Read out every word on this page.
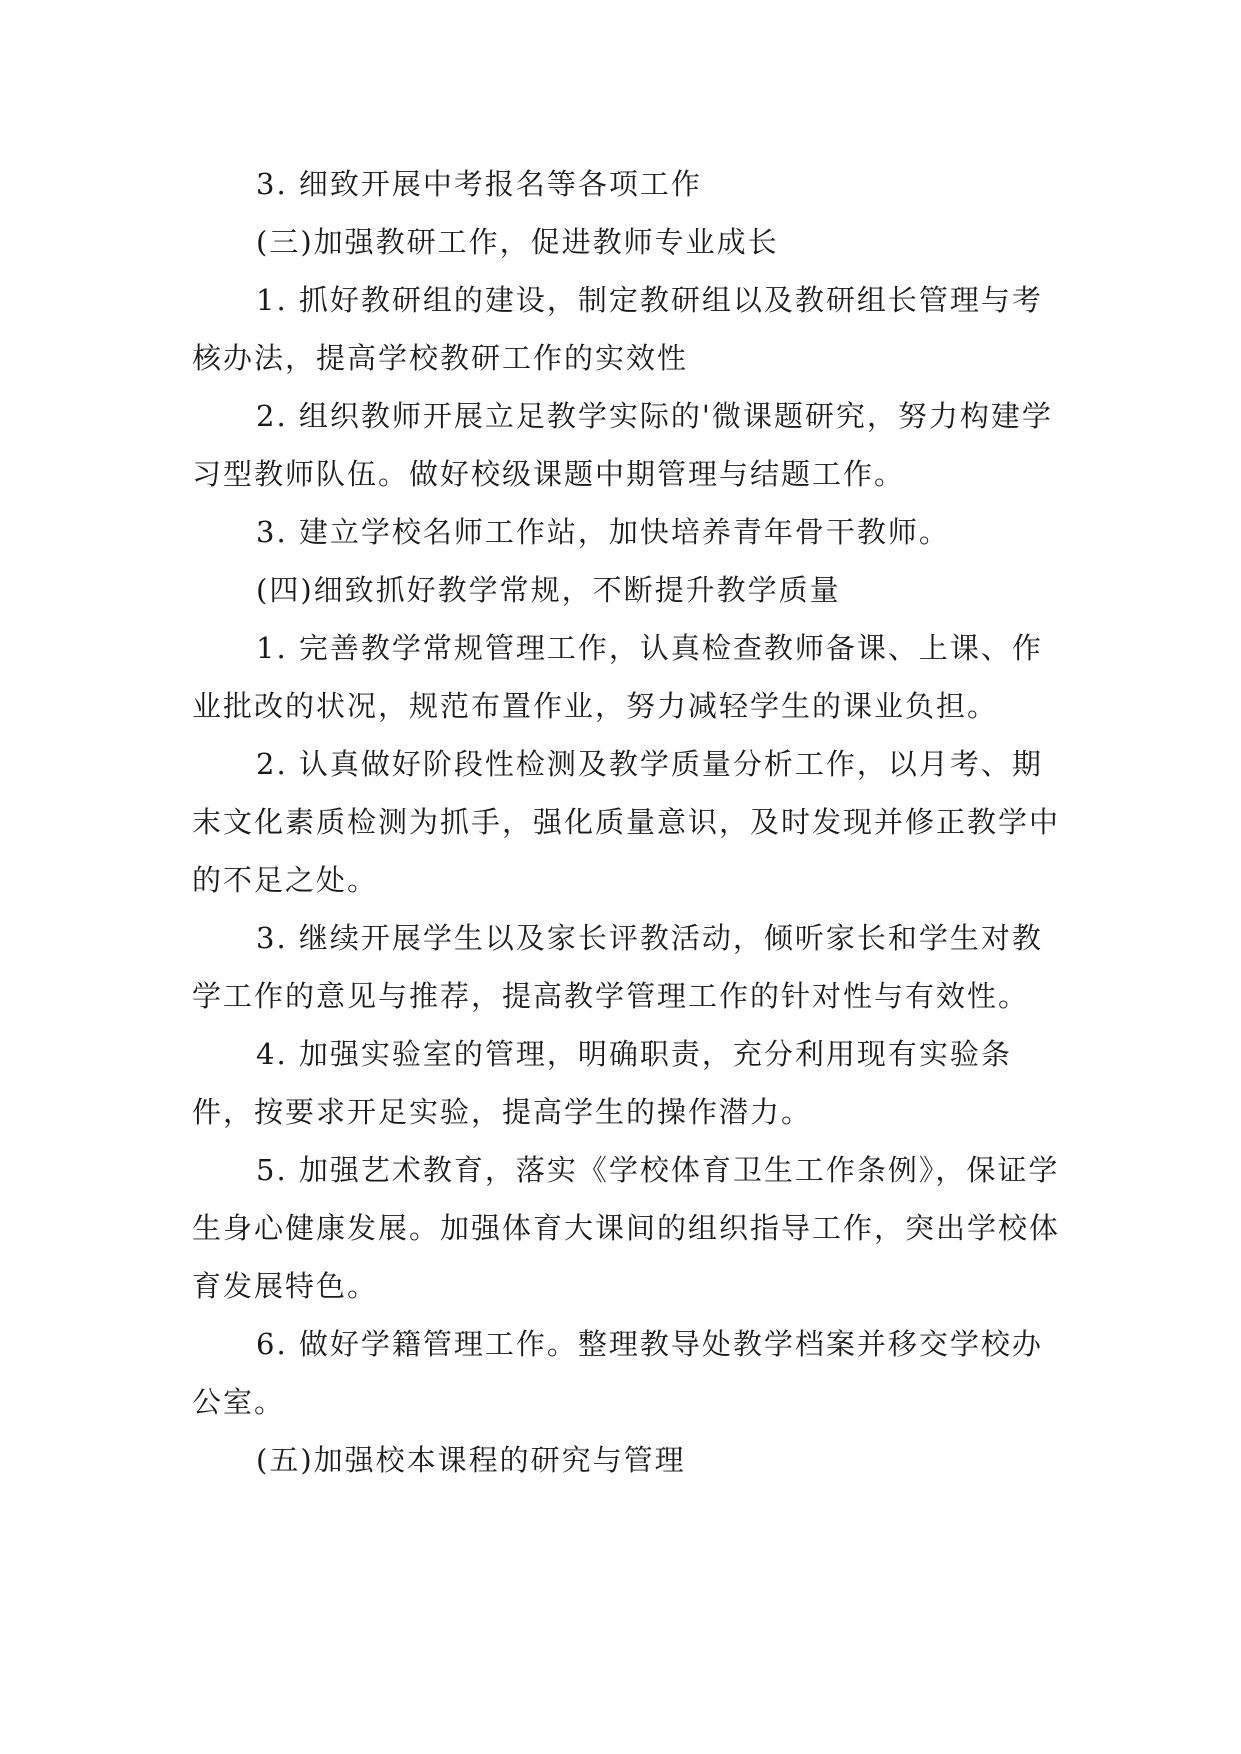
3. 细致开展中考报名等各项工作

(三)加强教研工作，促进教师专业成长

1. 抓好教研组的建设，制定教研组以及教研组长管理与考核办法，提高学校教研工作的实效性

2. 组织教师开展立足教学实际的'微课题研究，努力构建学习型教师队伍。做好校级课题中期管理与结题工作。

3. 建立学校名师工作站，加快培养青年骨干教师。

(四)细致抓好教学常规，不断提升教学质量

1. 完善教学常规管理工作，认真检查教师备课、上课、作业批改的状况，规范布置作业，努力减轻学生的课业负担。

2. 认真做好阶段性检测及教学质量分析工作，以月考、期末文化素质检测为抓手，强化质量意识，及时发现并修正教学中的不足之处。

3. 继续开展学生以及家长评教活动，倾听家长和学生对教学工作的意见与推荐，提高教学管理工作的针对性与有效性。

4. 加强实验室的管理，明确职责，充分利用现有实验条件，按要求开足实验，提高学生的操作潜力。

5. 加强艺术教育，落实《学校体育卫生工作条例》，保证学生身心健康发展。加强体育大课间的组织指导工作，突出学校体育发展特色。

6. 做好学籍管理工作。整理教导处教学档案并移交学校办公室。

(五)加强校本课程的研究与管理
